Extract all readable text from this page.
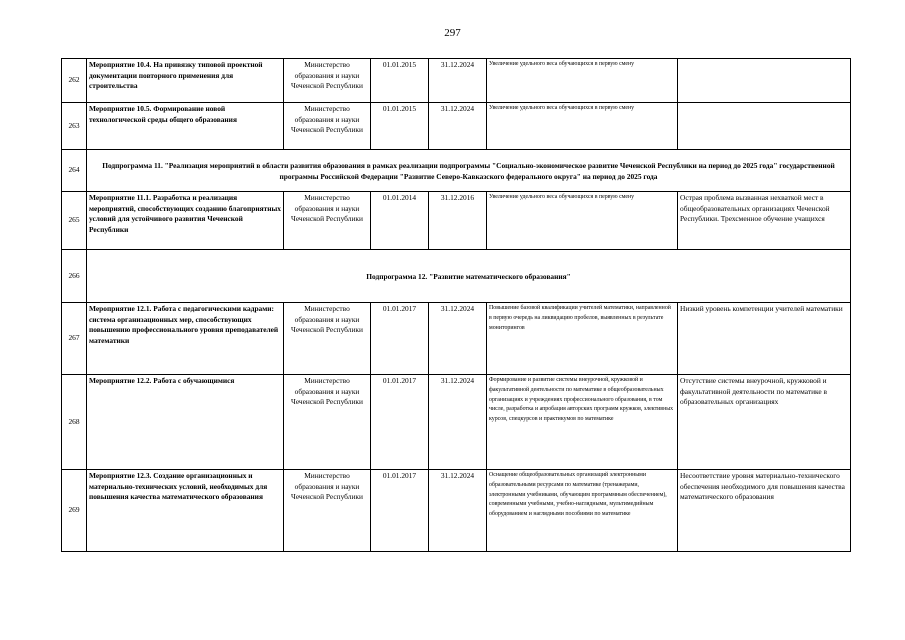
297
262	Мероприятие 10.4. На привязку типовой проектной документации повторного применения для строительства	Министерство образования и науки Чеченской Республики	01.01.2015	31.12.2024	Увеличение удельного веса обучающихся в первую смену	
263	Мероприятие 10.5. Формирование новой технологической среды общего образования	Министерство образования и науки Чеченской Республики	01.01.2015	31.12.2024	Увеличение удельного веса обучающихся в первую смену	
264	Подпрограмма 11. "Реализация мероприятий в области развития образования в рамках реализации подпрограммы "Социально-экономическое развитие Чеченской Республики на период до 2025 года" государственной программы Российской Федерации "Развитие Северо-Кавказского федерального округа" на период до 2025 года					
265	Мероприятие 11.1. Разработка и реализация мероприятий, способствующих созданию благоприятных условий для устойчивого развития Чеченской Республики	Министерство образования и науки Чеченской Республики	01.01.2014	31.12.2016	Увеличение удельного веса обучающихся в первую смену	Острая проблема вызванная нехваткой мест в общеобразовательных организациях Чеченской Республики. Трехсменное обучение учащихся
266	Подпрограмма 12. "Развитие математического образования"					
267	Мероприятие 12.1. Работа с педагогическими кадрами: система организационных мер, способствующих повышению профессионального уровня преподавателей математики	Министерство образования и науки Чеченской Республики	01.01.2017	31.12.2024	Повышение базовой квалификации учителей математики, направленной в первую очередь на ликвидацию пробелов, выявленных в результате мониторингов	Низкий уровень компетенции учителей математики
268	Мероприятие 12.2. Работа с обучающимися	Министерство образования и науки Чеченской Республики	01.01.2017	31.12.2024	Формирование и развитие системы внеурочной, кружковой и факультативной деятельности по математике в общеобразовательных организациях и учреждениях профессионального образования, в том числе, разработка и апробация авторских программ кружков, элективных курсов, спецкурсов и практикумов по математике	Отсутствие системы внеурочной, кружковой и факультативной деятельности по математике в образовательных организациях
269	Мероприятие 12.3. Создание организационных и материально-технических условий, необходимых для повышения качества математического образования	Министерство образования и науки Чеченской Республики	01.01.2017	31.12.2024	Оснащение общеобразовательных организаций электронными образовательными ресурсами по математике (тренажерами, электронными учебниками, обучающим программным обеспечением), современными учебными, учебно-наглядными, мультимедийным оборудованием и наглядными пособиями по математике	Несоответствие уровня материально-технического обеспечения необходимого для повышения качества математического образования
